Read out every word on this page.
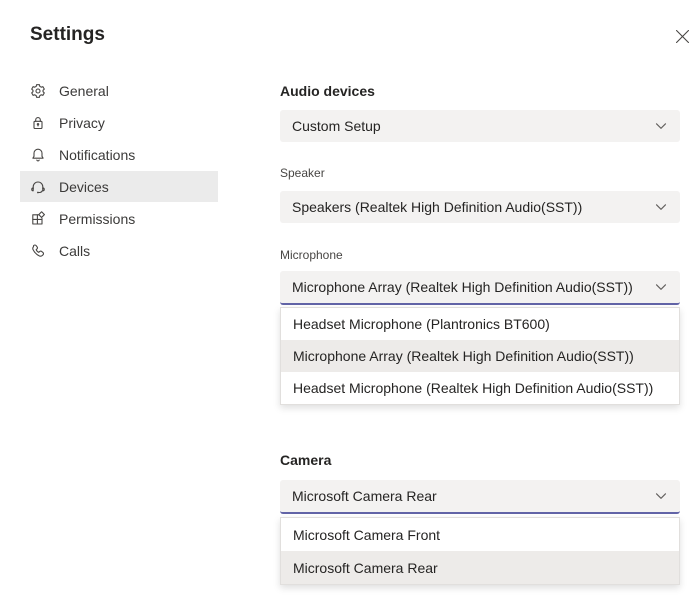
Settings
General
Privacy
Notifications
Devices
Permissions
Calls
Audio devices
Custom Setup
Speaker
Speakers (Realtek High Definition Audio(SST))
Microphone
Microphone Array (Realtek High Definition Audio(SST))
Headset Microphone (Plantronics BT600)
Microphone Array (Realtek High Definition Audio(SST))
Headset Microphone (Realtek High Definition Audio(SST))
Camera
Microsoft Camera Rear
Microsoft Camera Front
Microsoft Camera Rear
